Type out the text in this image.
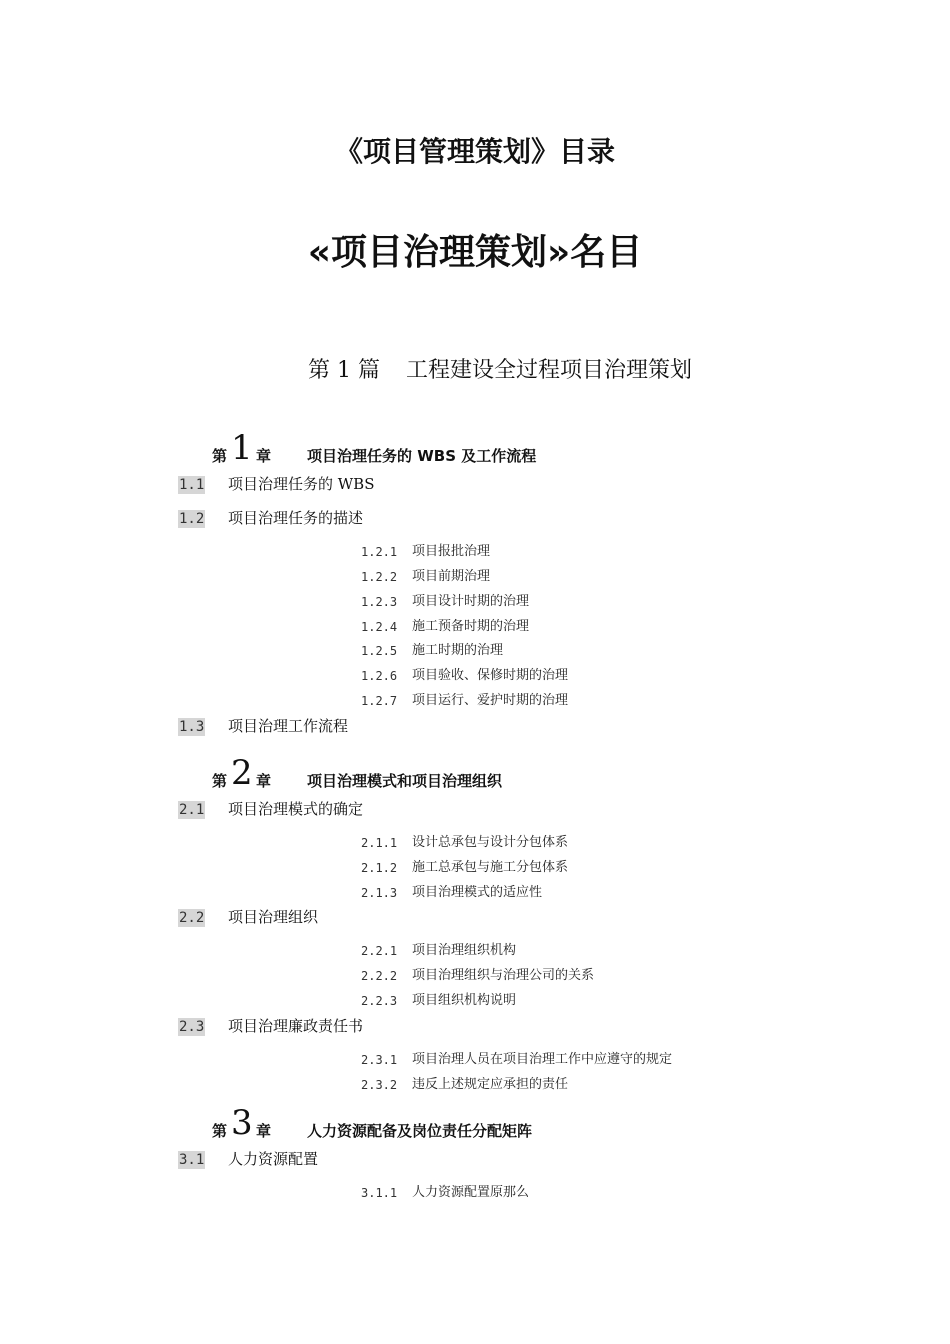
《项目管理策划》目录
«项目治理策划»名目
第 1 篇 工程建设全过程项目治理策划
第 1 章 项目治理任务的 WBS 及工作流程
1.1 项目治理任务的 WBS
1.2 项目治理任务的描述
1.2.1 项目报批治理
1.2.2 项目前期治理
1.2.3 项目设计时期的治理
1.2.4 施工预备时期的治理
1.2.5 施工时期的治理
1.2.6 项目验收、保修时期的治理
1.2.7 项目运行、爱护时期的治理
1.3 项目治理工作流程
第 2 章 项目治理模式和项目治理组织
2.1 项目治理模式的确定
2.1.1 设计总承包与设计分包体系
2.1.2 施工总承包与施工分包体系
2.1.3 项目治理模式的适应性
2.2 项目治理组织
2.2.1 项目治理组织机构
2.2.2 项目治理组织与治理公司的关系
2.2.3 项目组织机构说明
2.3 项目治理廉政责任书
2.3.1 项目治理人员在项目治理工作中应遵守的规定
2.3.2 违反上述规定应承担的责任
第 3 章 人力资源配备及岗位责任分配矩阵
3.1 人力资源配置
3.1.1 人力资源配置原那么
